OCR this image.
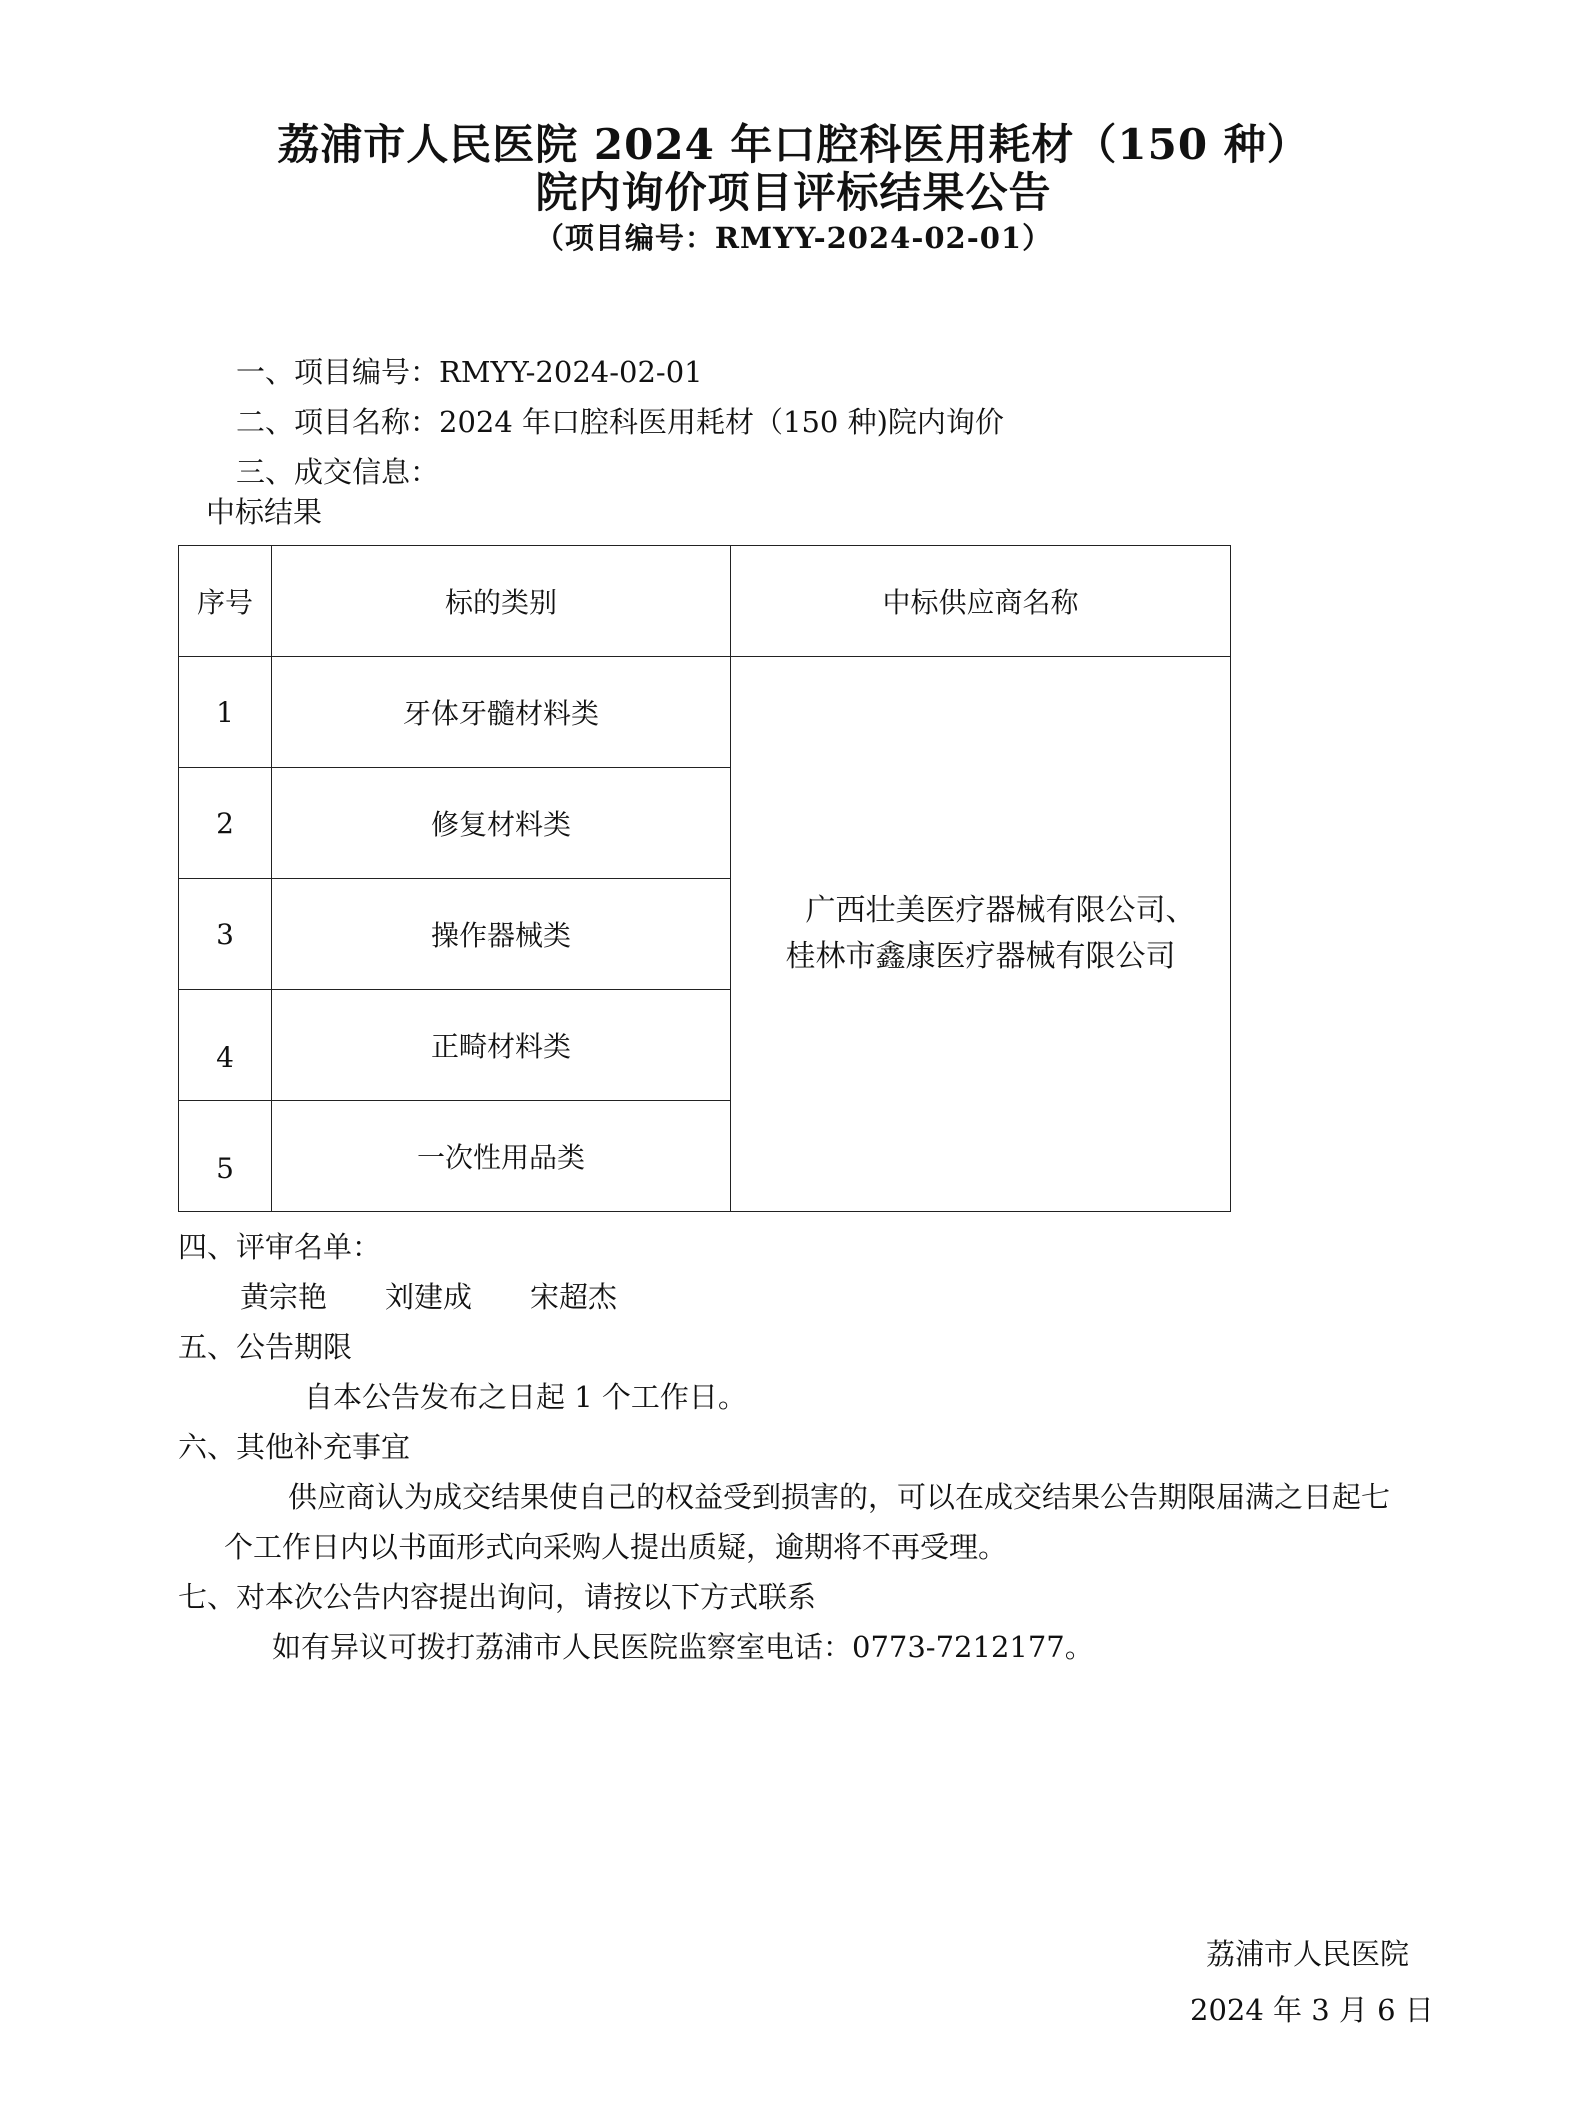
荔浦市人民医院 2024 年口腔科医用耗材（150 种）
院内询价项目评标结果公告
（项目编号：RMYY-2024-02-01）
一、项目编号：RMYY-2024-02-01
二、项目名称：2024 年口腔科医用耗材（150 种)院内询价
三、成交信息：
中标结果
序号	标的类别	中标供应商名称
1	牙体牙髓材料类	广西壮美医疗器械有限公司、
桂林市鑫康医疗器械有限公司

2	修复材料类	
3	操作器械类	
4	正畸材料类	
5	一次性用品类	
四、评审名单：
黄宗艳　　刘建成　　宋超杰
五、公告期限
自本公告发布之日起 1 个工作日。
六、其他补充事宜
供应商认为成交结果使自己的权益受到损害的，可以在成交结果公告期限届满之日起七
个工作日内以书面形式向采购人提出质疑，逾期将不再受理。
七、对本次公告内容提出询问，请按以下方式联系
如有异议可拨打荔浦市人民医院监察室电话：0773-7212177。
荔浦市人民医院
2024 年 3 月 6 日
